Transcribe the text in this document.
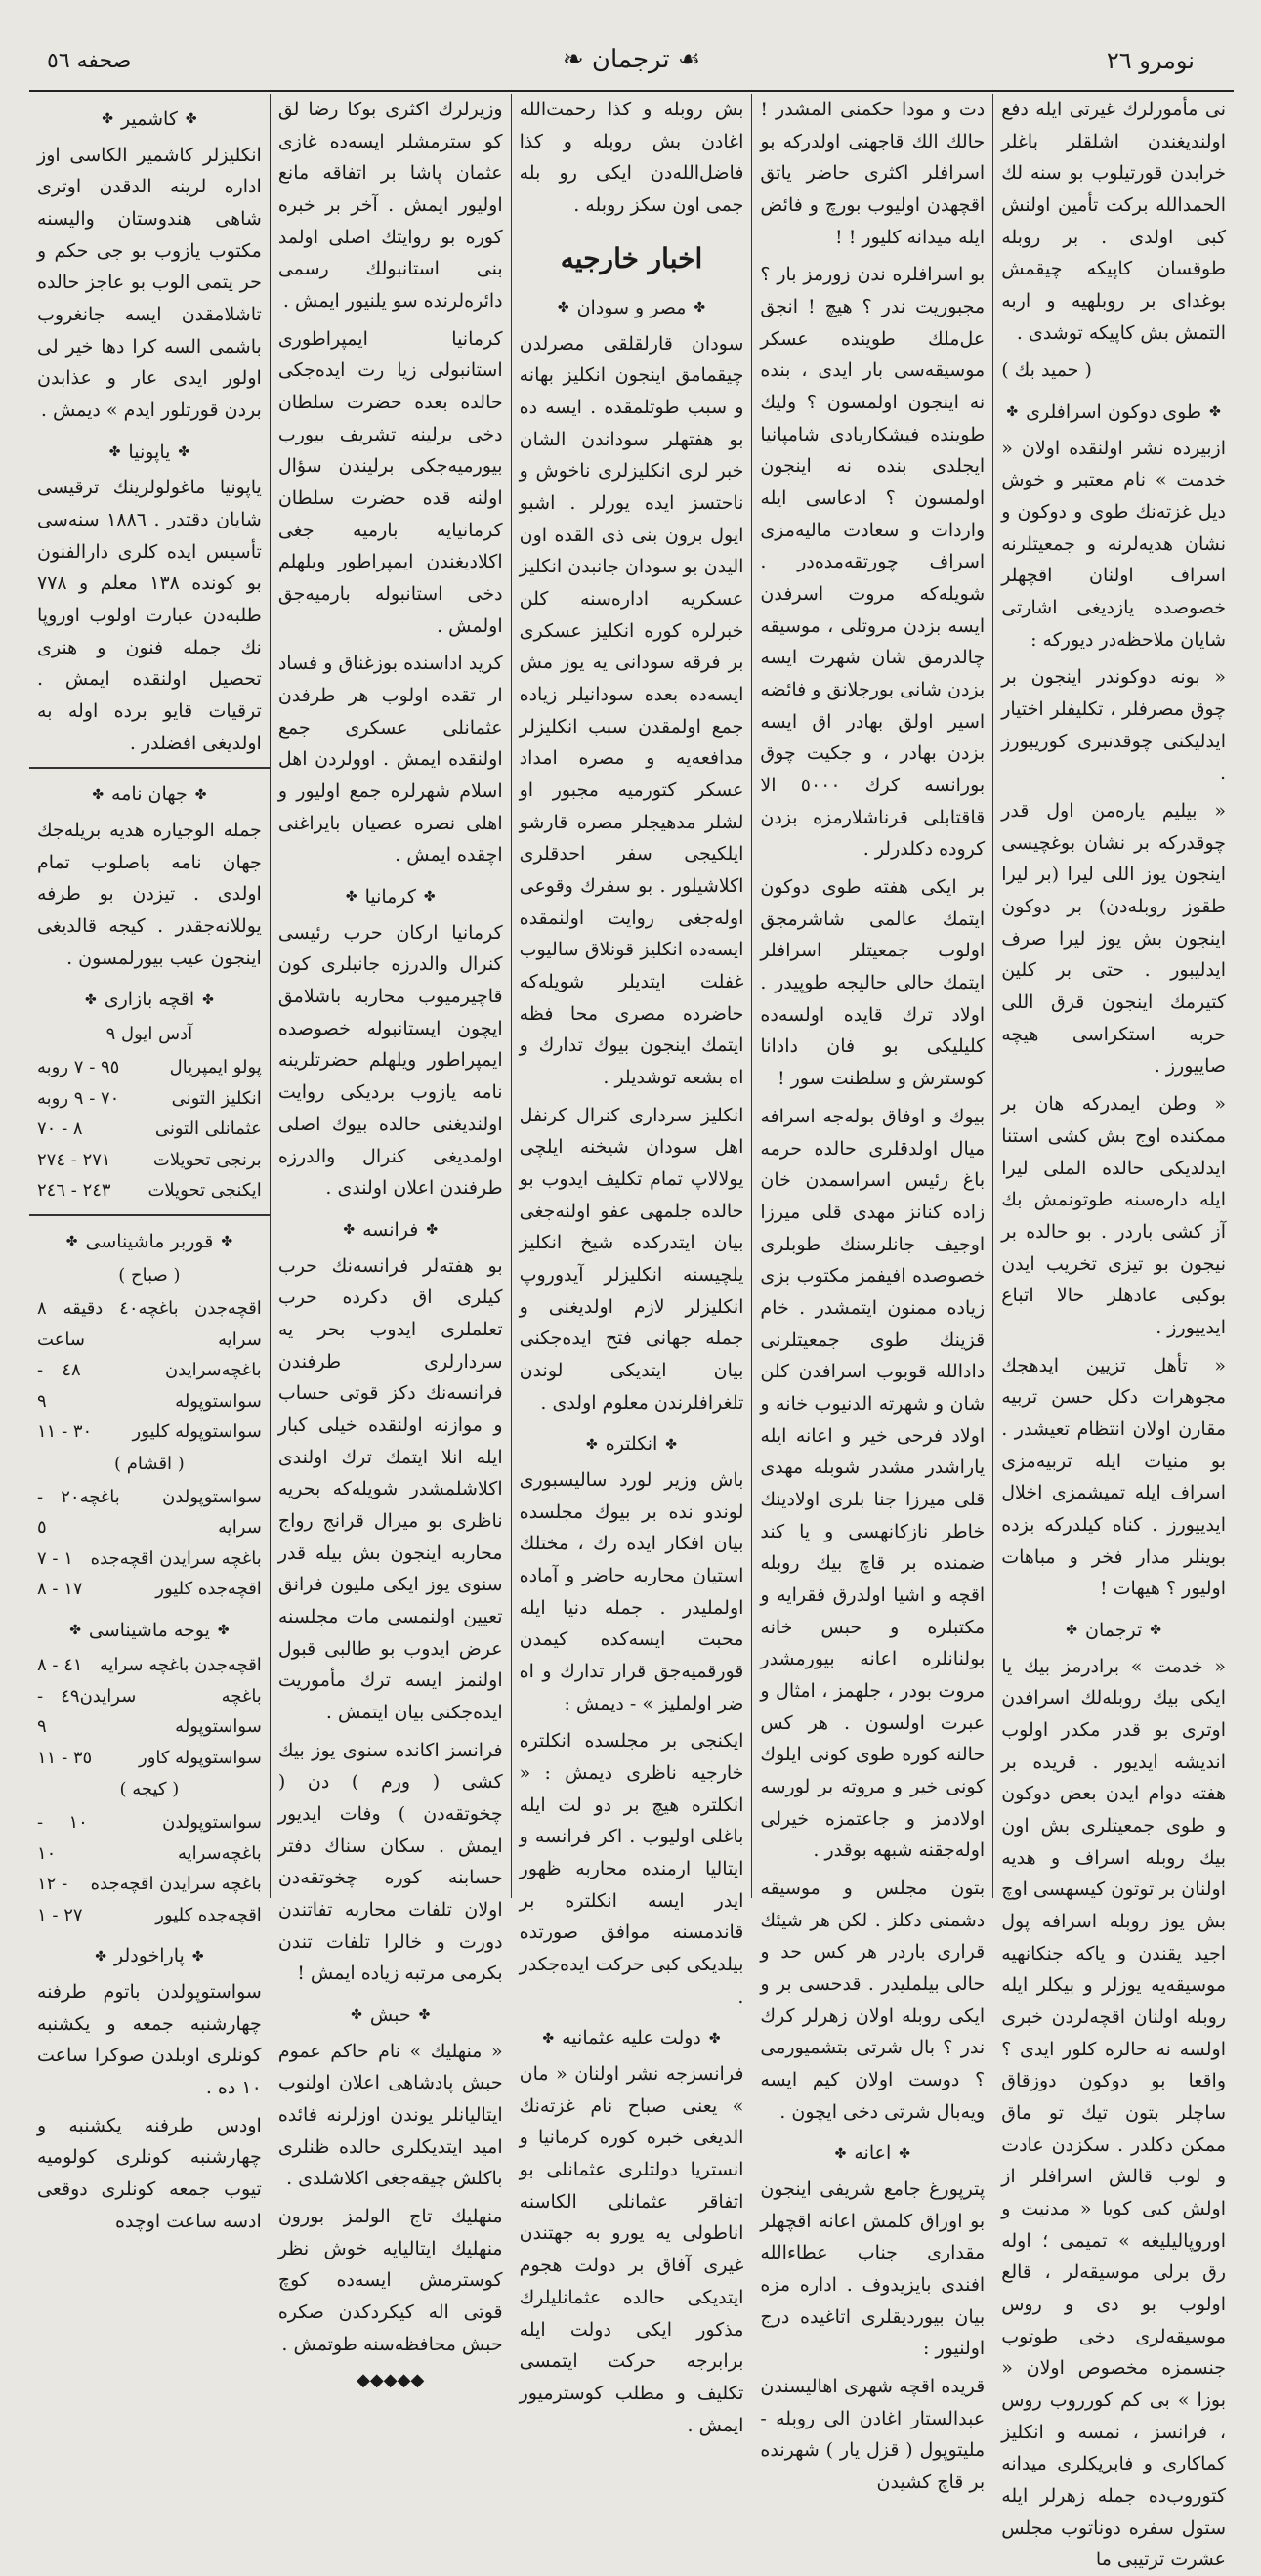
صحفه ٥٦	❧ ترجمان ☙	نومرو ٢٦

نی مأمورلرك غیرتی ایله دفع اولندیغندن اشلقلر باغلر خرابدن قورتیلوب بو سنه لك الحمدالله برکت تأمین اولنش کبی اولدی . بر روبله طوقسان کاپیکه چیقمش بوغدای بر روبلهیه و اربه التمش بش کاپیکه توشدی .

( حمید بك )
✤
طوی دوکون اسرافلری
✤

ازبیرده نشر اولنقده اولان « خدمت » نام معتبر و خوش دیل غزته‌نك طوی و دوکون و نشان هدیه‌لرنه و جمعیتلرنه اسراف اولنان اقچهلر خصوصده یازدیغی اشارتی شایان ملاحظه‌در دیورکه :

« بونه دوکوندر اینجون بر چوق مصرفلر ، تکلیفلر اختیار ایدلیکنی چوقدنبری کوریبورز .

« بیلیم یارەمن اول قدر چوقدرکه بر نشان بوغچیسی اینجون یوز اللی لیرا (بر لیرا طقوز روبله‌دن) بر دوکون اینجون بش یوز لیرا صرف ایدلیبور . حتی بر کلین کتیرمك اینجون قرق اللی حربه استکراسی هیچه صاییورز .

« وطن ایمدرکه هان بر ممکنده اوج بش کشی استنا ایدلدیکی حالده الملی لیرا ایله داره‌سنه طوتونمش بك آز کشی باردر . بو حالده بر نیجون بو تیزی تخریب ایدن بوکبی عادهلر حالا اتباع ایدییورز .

« تأهل تزیین ایدهجك مجوهرات دکل حسن تربیه مقارن اولان انتظام تعیشدر . بو منیات ایله تربیه‌مزی اسراف ایله تمیشمزی اخلال ایدییورز . کناه کیلدرکه بزده بوینلر مدار فخر و مباهات اولیور ؟ هیهات !

✤
ترجمان
✤

« خدمت » برادرمز بیك یا ایکی بیك روبله‌لك اسرافدن اوتری بو قدر مکدر اولوب اندیشه ایدیور . قریده بر هفته دوام ایدن بعض دوکون و طوی جمعیتلری بش اون بیك روبله اسراف و هدیه اولنان بر توتون کیسهسی اوچ بش یوز روبله اسرافه پول اجید یقندن و یاکه جنکانهیه موسیقه‌یه یوزلر و بیکلر ایله روبله اولنان اقچه‌لردن خبری اولسه نه حالره کلور ایدی ؟ واقعا بو دوکون دوزقاق ساچلر بتون تیك تو ماق ممکن دکلدر . سکزدن عادت و لوب قالش اسرافلر از اولش کبی کویا « مدنیت و اوروپالیلیغه » تمیمی ؛ اوله رق برلی موسیقه‌لر ، قالع اولوب بو دی و روس موسیقه‌لری دخی طوتوب جنسمزه مخصوص اولان « بوزا » بی کم کورروب روس ، فرانسز ، نمسه و انکلیز کماکاری و فابریکلری میدانه کتوروب‌ده جمله زهرلر ایله ستول سفره دوناتوب مجلس عشرت ترتیبی ما

دت و مودا حکمنی المشدر ! حالك الك قاجهنی اولدرکه بو اسرافلر اکثری حاضر یاتق اقچهدن اولیوب بورچ و فائض ایله میدانه کلیور ! !

بو اسرافلره ندن زورمز بار ؟ مجبوریت ندر ؟ هیچ ! انجق عل‌ملك طوینده عسکر موسیقه‌سی بار ایدی ، بنده نه اینجون اولمسون ؟ ولیك طوینده فیشکاریادی شامپانیا ایجلدی بنده نه اینجون اولمسون ؟ ادعاسی ایله واردات و سعادت مالیه‌مزی اسراف چورتقه‌مده‌در . شویله‌که مروت اسرفدن ایسه بزدن مروتلی ، موسیقه چالدرمق شان شهرت ایسه بزدن شانی بورجلانق و فائضه اسیر اولق بهادر اق ایسه بزدن بهادر ، و جکیت چوق بورانسه کرك ٥٠٠٠ الا قاقتابلی قرناشلارمزه بزدن کروده دکلدرلر .

بر ایکی هفته طوی دوکون ایتمك عالمی شاشرمجق اولوب جمعیتلر اسرافلر ایتمك حالی حالیجه طوپیدر . اولاد ترك قایده اولسه‌ده کلیلیكی بو فان دادانا کوسترش و سلطنت سور !

بیوك و اوفاق بوله‌جه اسرافه میال اولدقلری حالده حرمه باغ رئیس اسراسمدن خان زاده کنانز مهدی قلی میرزا اوجیف جانلرسنك طوبلری خصوصده افیفمز مکتوب بزی زیاده ممنون ایتمشدر . خام قزینك طوی جمعیتلرنی دادالله قوبوب اسرافدن کلن شان و شهرته الدنیوب خانه و اولاد فرحی خیر و اعانه ایله یاراشدر مشدر شوبله مهدی قلی میرزا جنا بلری اولادینك خاطر نازکانهسی و یا کند ضمنده بر قاچ بیك روبله اقچه و اشیا اولدرق فقرایه و مکتبلره و حبس خانه بولنانلره اعانه بیورمشدر مروت بودر ، جلهمز ، امثال و عبرت اولسون . هر کس حالنه کوره طوی کونی ایلوك کونی خیر و مروته بر لورسه اولادمز و جاعتمزه خیرلی اولەجقنه شبهه بوقدر .

بتون مجلس و موسیقه دشمنی دکلز . لکن هر شیئك قراری باردر هر کس حد و حالی بیلملیدر . قدحسی بر و ایکی روبله اولان زهرلر کرك ندر ؟ بال شرتی بتشمیورمی ؟ دوست اولان کیم ایسه ویه‌بال شرتی دخی ایچون .

✤
اعانه
✤

پترپورغ جامع شریفی اینجون بو اوراق کلمش اعانه اقچهلر مقداری جناب عطاءالله افندی بایزیدوف . اداره مزه بیان بیوردیقلری اتاغیده درج اولنیور :

قریده اقچه شهری اهالیسندن عبدالستار اغادن الی روبله - مليتوپول ( قزل یار ) شهرنده بر قاچ کشیدن

بش روبله و کذا رحمت‌الله اغادن بش روبله و کذا فاضل‌الله‌دن ایکی رو بله جمی اون سکز روبله .

اخبار خارجیه
✤
مصر و سودان
✤

سودان قارلقلقی مصرلدن چیقمامق اینجون انکلیز بهانه و سبب طوتلمقده . ایسه ده بو هفتهلر سوداندن الشان خبر لری انکلیزلری ناخوش و ناحتسز ایده یورلر . اشبو ایول برون بنی ذی القده اون الیدن بو سودان جانبدن انکلیز عسکریه اداره‌سنه کلن خبرلره کوره انکلیز عسکری بر فرقه سودانی یه یوز مش ایسه‌ده بعده سودانیلر زیاده جمع اولمقدن سبب انکلیزلر مدافعه‌یه و مصره امداد عسکر کتورمیه مجبور او لشلر مدهیجلر مصره قارشو ایلکیجی سفر احدقلری اکلاشیلور . بو سفرك وقوعی اوله‌جغی روایت اولنمقده ایسه‌ده انکلیز قونلاق سالیوب غفلت ایتدیلر شویله‌که حاضرده مصری محا فظه ایتمك اینجون بیوك تدارك و اه بشعه توشدیلر .

انکلیز سرداری کنرال کرنفل اهل سودان شیخنه ایلچی یولالاپ تمام تکلیف ایدوب بو حالده جلمهی عفو اولنەجغی بیان ایتدرکده شیخ انکلیز یلچیسنه انکلیزلر آیدوروپ انکلیزلر لازم اولدیغنی و جمله جهانی فتح ایده‌جکنی بیان ایتدیکی لوندن تلغرافلرندن معلوم اولدی .

✤
انکلتره
✤

باش وزیر لورد سالیسبوری لوندو نده بر بیوك مجلسده بیان افکار ایده رك ، مختلك استیان محاربه حاضر و آماده اولملیدر . جمله دنیا ایله محبت ایسه‌کده کیمدن قورقمیه‌جق قرار تدارك و اه ضر اولملیز » - دیمش :

ایکنجی بر مجلسده انکلتره خارجیه ناظری دیمش : « انکلتره هیچ بر دو لت ایله باغلی اولیوب . اکر فرانسه و ایتالیا ارمنده محاربه ظهور ایدر ایسه انکلتره بر قاندمسنه موافق صورتده بیلدیکی کبی حرکت ایده‌جکدر .

✤
دولت علیه عثمانیه
✤

فرانسزجه نشر اولنان « مان » یعنی صباح نام غزته‌نك الدیغی خبره کوره کرمانیا و انستریا دولتلری عثمانلی بو اتفاقر عثمانلی الکاسنه اناطولی یه یورو به جهتندن غیری آفاق بر دولت هجوم ایتدیکی حالده عثمانلیلرك مذکور ایکی دولت ایله برابرجه حرکت ایتمسی تکلیف و مطلب کوسترمیور ایمش .

وزیرلرك اکثری بوکا رضا لق کو سترمشلر ایسه‌ده غازی عثمان پاشا بر اتفاقه مانع اولیور ایمش . آخر بر خبره کوره بو روایتك اصلی اولمد بنی استانبولك رسمی دائره‌لرنده سو یلنیور ایمش .

کرمانیا ایمپراطوری استانبولی زیا رت ایده‌جکی حالده بعده حضرت سلطان دخی برلینه تشریف بیورب بیورمیه‌جکی برلیندن سؤال اولنه قده حضرت سلطان کرمانیایه بارمیه جغی اکلادیغندن ایمپراطور ویلهلم دخی استانبوله بارمیه‌جق اولمش .

کرید اداسنده بوزغناق و فساد ار تقده اولوب هر طرفدن عثمانلی عسکری جمع اولنقده ایمش . اوولردن اهل اسلام شهرلره جمع اولیور و اهلی نصره عصیان بایراغنی اچقده ایمش .

✤
کرمانیا
✤

کرمانیا ارکان حرب رئیسی کنرال والدرزه جانبلری کون قاچیرمیوب محاربه باشلامق ایچون ایستانبوله خصوصده ایمپراطور ویلهلم حضرتلرینه نامه یازوب بردیکی روایت اولندیغنی حالده بیوك اصلی اولمدیغی کنرال والدرزه طرفندن اعلان اولندی .

✤
فرانسه
✤

بو هفته‌لر فرانسه‌نك حرب کیلری اق دکرده حرب تعلملری ایدوب بحر یه سردارلری طرفندن فرانسه‌نك دکز قوتی حساب و موازنه اولنقده خیلی کبار ایله انلا ایتمك ترك اولندی اکلاشلمشدر شویله‌که بحریه ناظری بو میرال قرانج رواج محاربه اینجون بش بیله قدر سنوی یوز ایکی ملیون فرانق تعیین اولنمسی مات مجلسنه عرض ایدوب بو طالبی قبول اولنمز ایسه ترك مأموریت ایده‌جکنی بیان ایتمش .

فرانسز اکانده سنوی یوز بیك کشی ( ورم ) دن ( چخوتقه‌دن ) وفات ایدیور ایمش . سکان سناك دفتر حسابنه کوره چخوتقه‌دن اولان تلفات محاربه تفاتندن دورت و خالرا تلفات تندن بکرمی مرتبه زیاده ایمش !

✤
حبش
✤

« منهلیك » نام حاکم عموم حبش پادشاهی اعلان اولنوب ایتالیانلر یوندن اوزلرنه فائده امید ایتدیکلری حالده ظنلری باکلش چیقه‌جغی اکلاشلدی .

منهلیك تاج الولمز بورون منهلیك ایتالیایه خوش نظر کوسترمش ایسه‌ده کوچ قوتی اله کیکردکدن صکره حبش محافظه‌سنه طوتمش .

◆◆◆◆◆
✤
کاشمیر
✤

انکلیزلر کاشمیر الکاسی اوز اداره لرینه الدقدن اوتری شاهی هندوستان والیسنه مکتوب یازوب بو جی حکم و حر یتمی الوب بو عاجز حالده تاشلامقدن ایسه جانغروب باشمی السه کرا دها خیر لی اولور ایدی عار و عذابدن بردن قورتلور ایدم » دیمش .

✤
یاپونیا
✤

یاپونیا ماغولولرینك ترقیسی شایان دقتدر . ١٨٨٦ سنه‌سی تأسیس ایده کلری دارالفنون بو کونده ١٣٨ معلم و ٧٧٨ طلبه‌دن عبارت اولوب اوروپا نك جمله فنون و هنری تحصیل اولنقده ایمش . ترقیات قایو برده اوله‌ به اولدیغی افضلدر .

✤
جهان نامه
✤

جمله الوجیاره هدیه بریله‌جك جهان نامه باصلوب تمام اولدی . تیزدن بو طرفه یوللانەجقدر . کیجه قالدیغی اینجون عیب بیورلمسون .

✤
اقچه بازاری
✤
آدس ایول ٩
پولو ایمپریال
٩٥ - ٧ روبه
انکلیز التونی
٧٠ - ٩ روبه
عثمانلی التونی
٨ - ٧٠
برنجی تحویلات
٢٧١ - ٢٧٤
ایکنجی تحویلات
٢٤٣ - ٢٤٦
✤
قوربر ماشیناسی
✤
( صباح )
اقچه‌جدن باغچه سرایه
٤٠ دقیقه ٨ ساعت
باغچه‌سرایدن سواستوپوله
٤٨ - ٩
سواستوپوله کلیور
٣٠ - ١١
( اقشام )
سواستوپولدن باغچه سرایه
٢٠ - ٥
باغچه سرایدن اقچه‌جده
١ - ٧
اقچه‌جده کلیور
١٧ - ٨
✤
یوجه ماشیناسی
✤
اقچه‌جدن باغچه سرایه
٤١ - ٨
باغچه سرایدن سواستوپوله
٤٩ - ٩
سواستوپوله کاور
٣٥ - ١١
( کیجه )
سواستوپولدن باغچه‌سرایه
١٠ - ١٠
باغچه سرایدن اقچه‌جده
١٢ -
اقچه‌جده کلیور
٢٧ - ١
✤
پاراخودلر
✤

سواستوپولدن باتوم طرفنه چهارشنبه جمعه و یکشنبه کونلری اوبلدن صوکرا ساعت ١٠ ده .

اودس طرفنه یکشنبه و چهارشنبه کونلری کولومیه تیوب جمعه کونلری دوقعی ادسه ساعت اوچده
